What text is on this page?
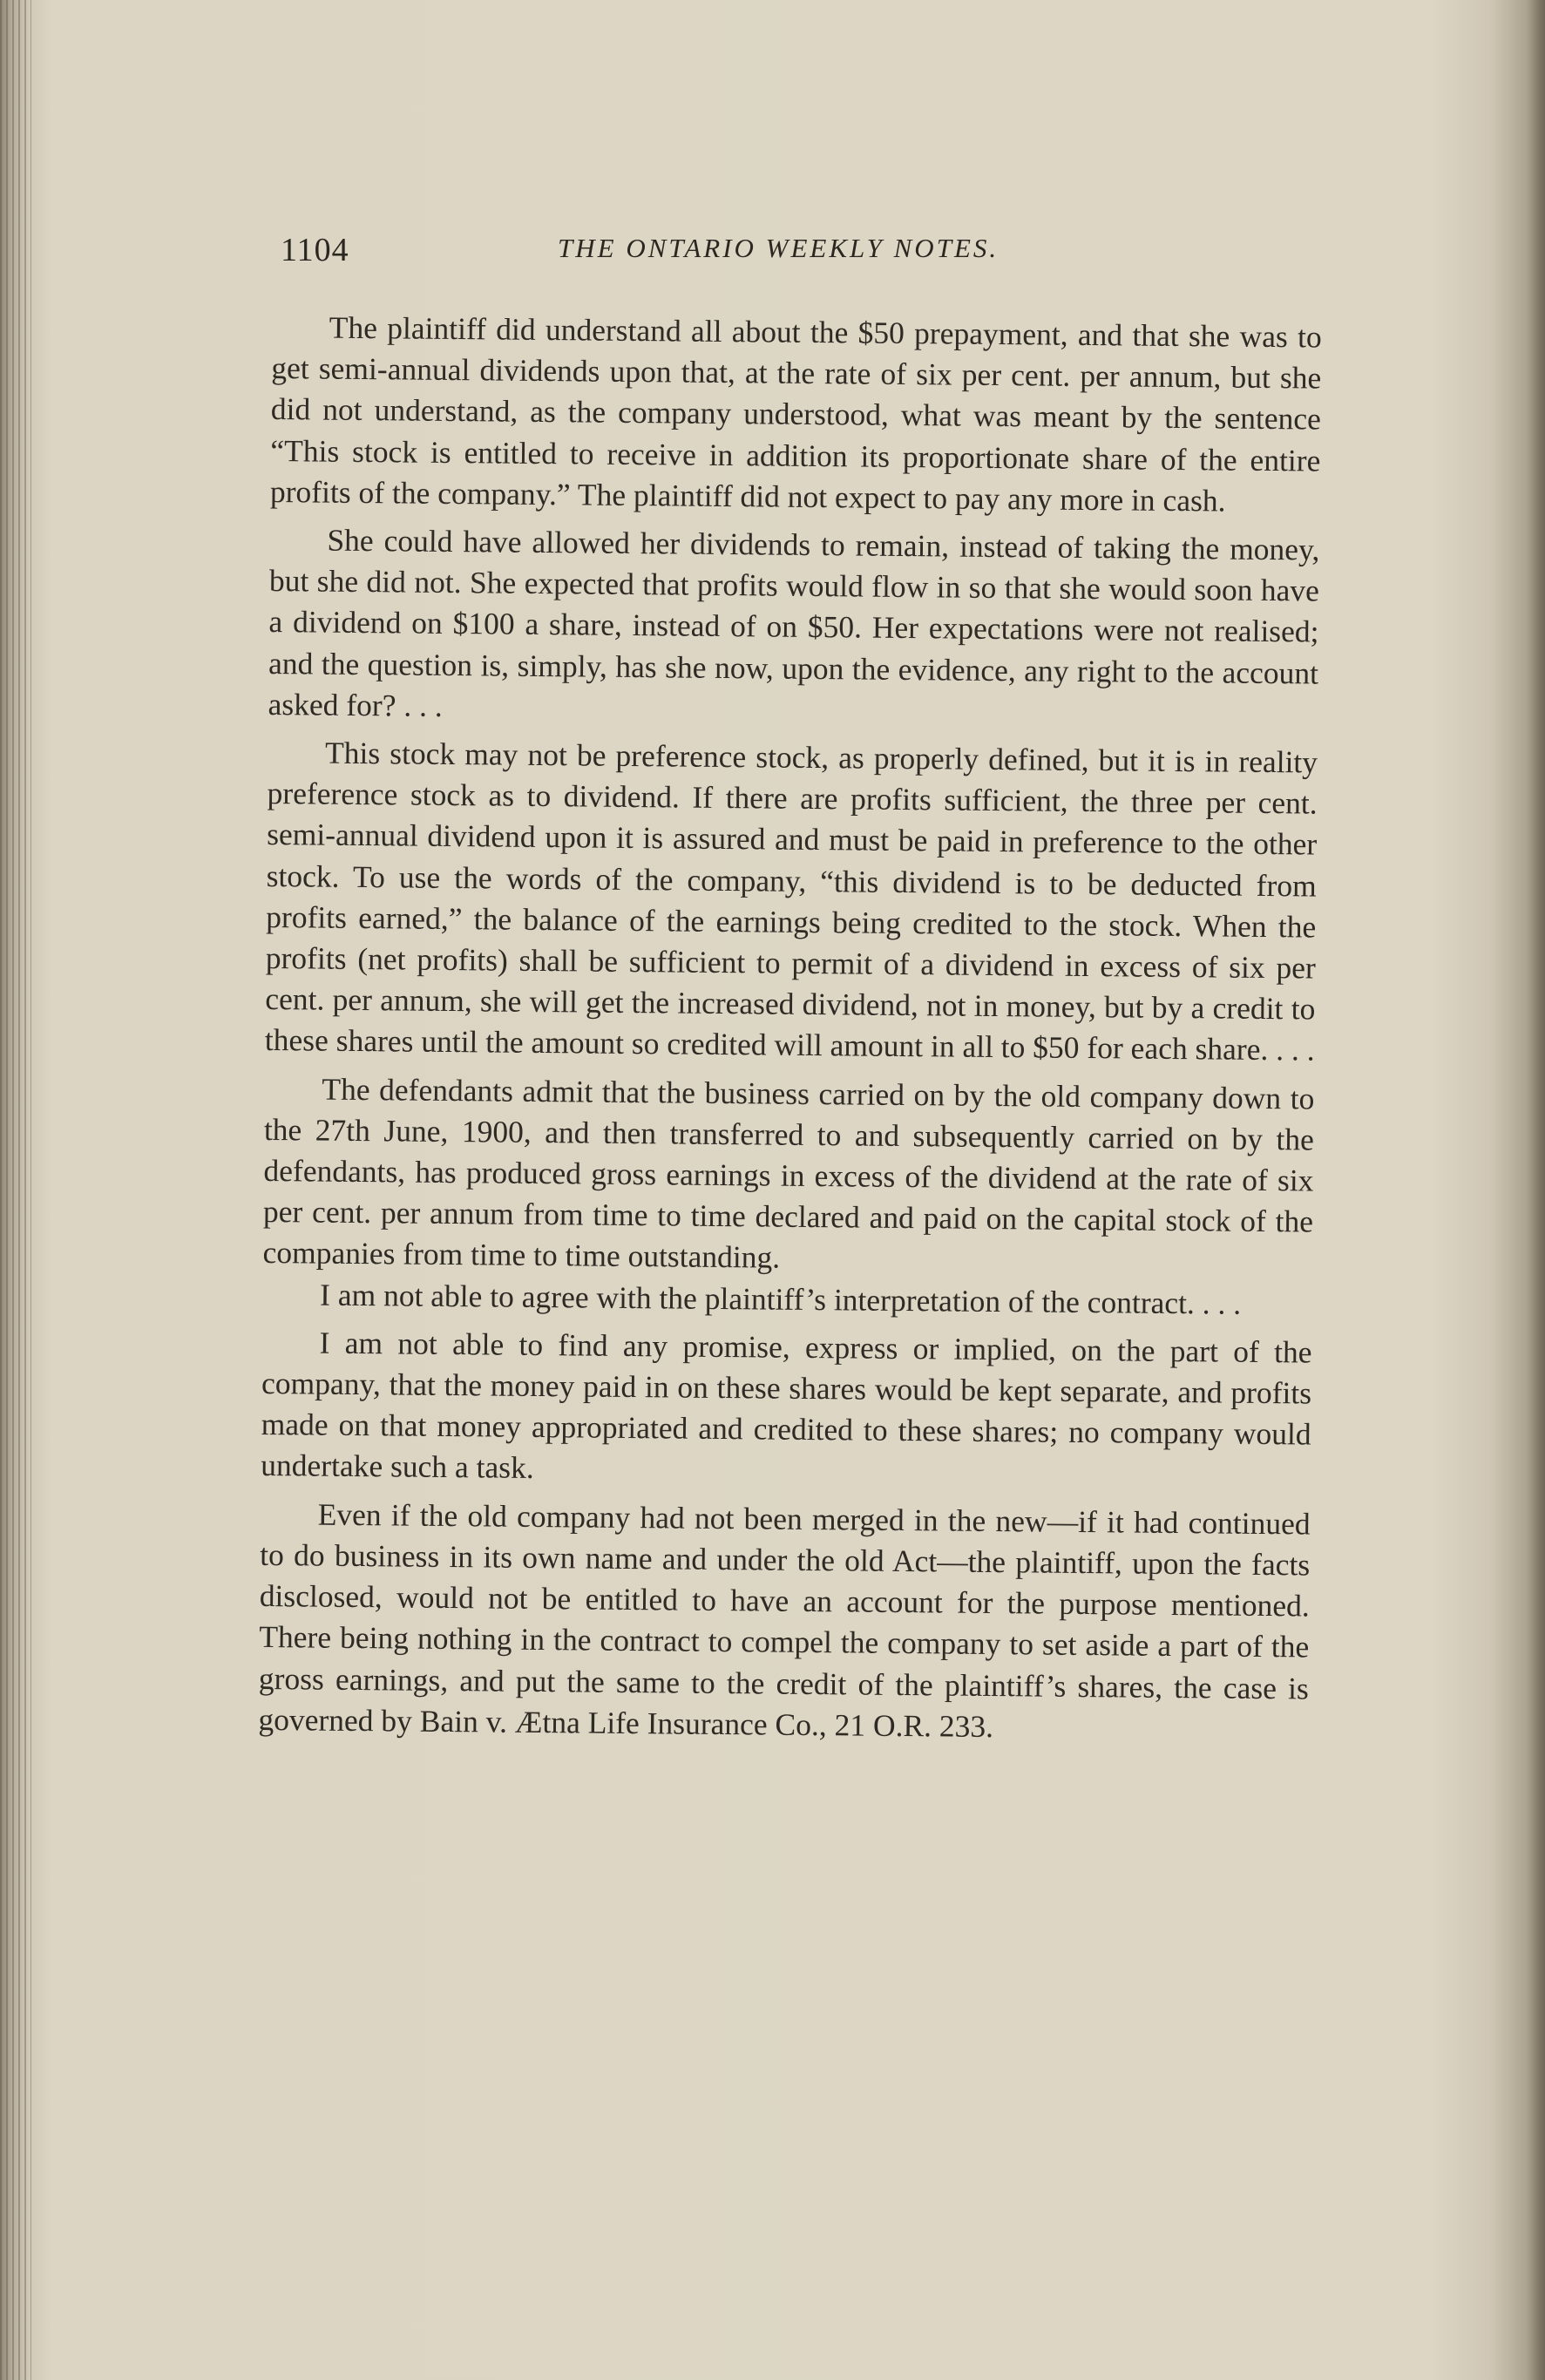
1104	THE ONTARIO WEEKLY NOTES.

The plaintiff did understand all about the $50 prepayment, and that she was to get semi-annual dividends upon that, at the rate of six per cent. per annum, but she did not understand, as the company understood, what was meant by the sentence “This stock is entitled to receive in addition its proportionate share of the entire profits of the company.” The plaintiff did not expect to pay any more in cash.

She could have allowed her dividends to remain, instead of taking the money, but she did not. She expected that profits would flow in so that she would soon have a dividend on $100 a share, instead of on $50. Her expectations were not realised; and the question is, simply, has she now, upon the evidence, any right to the account asked for? . . .

This stock may not be preference stock, as properly defined, but it is in reality preference stock as to dividend. If there are profits sufficient, the three per cent. semi-annual dividend upon it is assured and must be paid in preference to the other stock. To use the words of the company, “this dividend is to be deducted from profits earned,” the balance of the earnings being credited to the stock. When the profits (net profits) shall be sufficient to permit of a dividend in excess of six per cent. per annum, she will get the increased dividend, not in money, but by a credit to these shares until the amount so credited will amount in all to $50 for each share. . . .

The defendants admit that the business carried on by the old company down to the 27th June, 1900, and then transferred to and subsequently carried on by the defendants, has produced gross earnings in excess of the dividend at the rate of six per cent. per annum from time to time declared and paid on the capital stock of the companies from time to time outstanding.

I am not able to agree with the plaintiff’s interpretation of the contract. . . .

I am not able to find any promise, express or implied, on the part of the company, that the money paid in on these shares would be kept separate, and profits made on that money appropriated and credited to these shares; no company would undertake such a task.

Even if the old company had not been merged in the new—if it had continued to do business in its own name and under the old Act—the plaintiff, upon the facts disclosed, would not be entitled to have an account for the purpose mentioned. There being nothing in the contract to compel the company to set aside a part of the gross earnings, and put the same to the credit of the plaintiff’s shares, the case is governed by Bain v. Ætna Life Insurance Co., 21 O.R. 233.
